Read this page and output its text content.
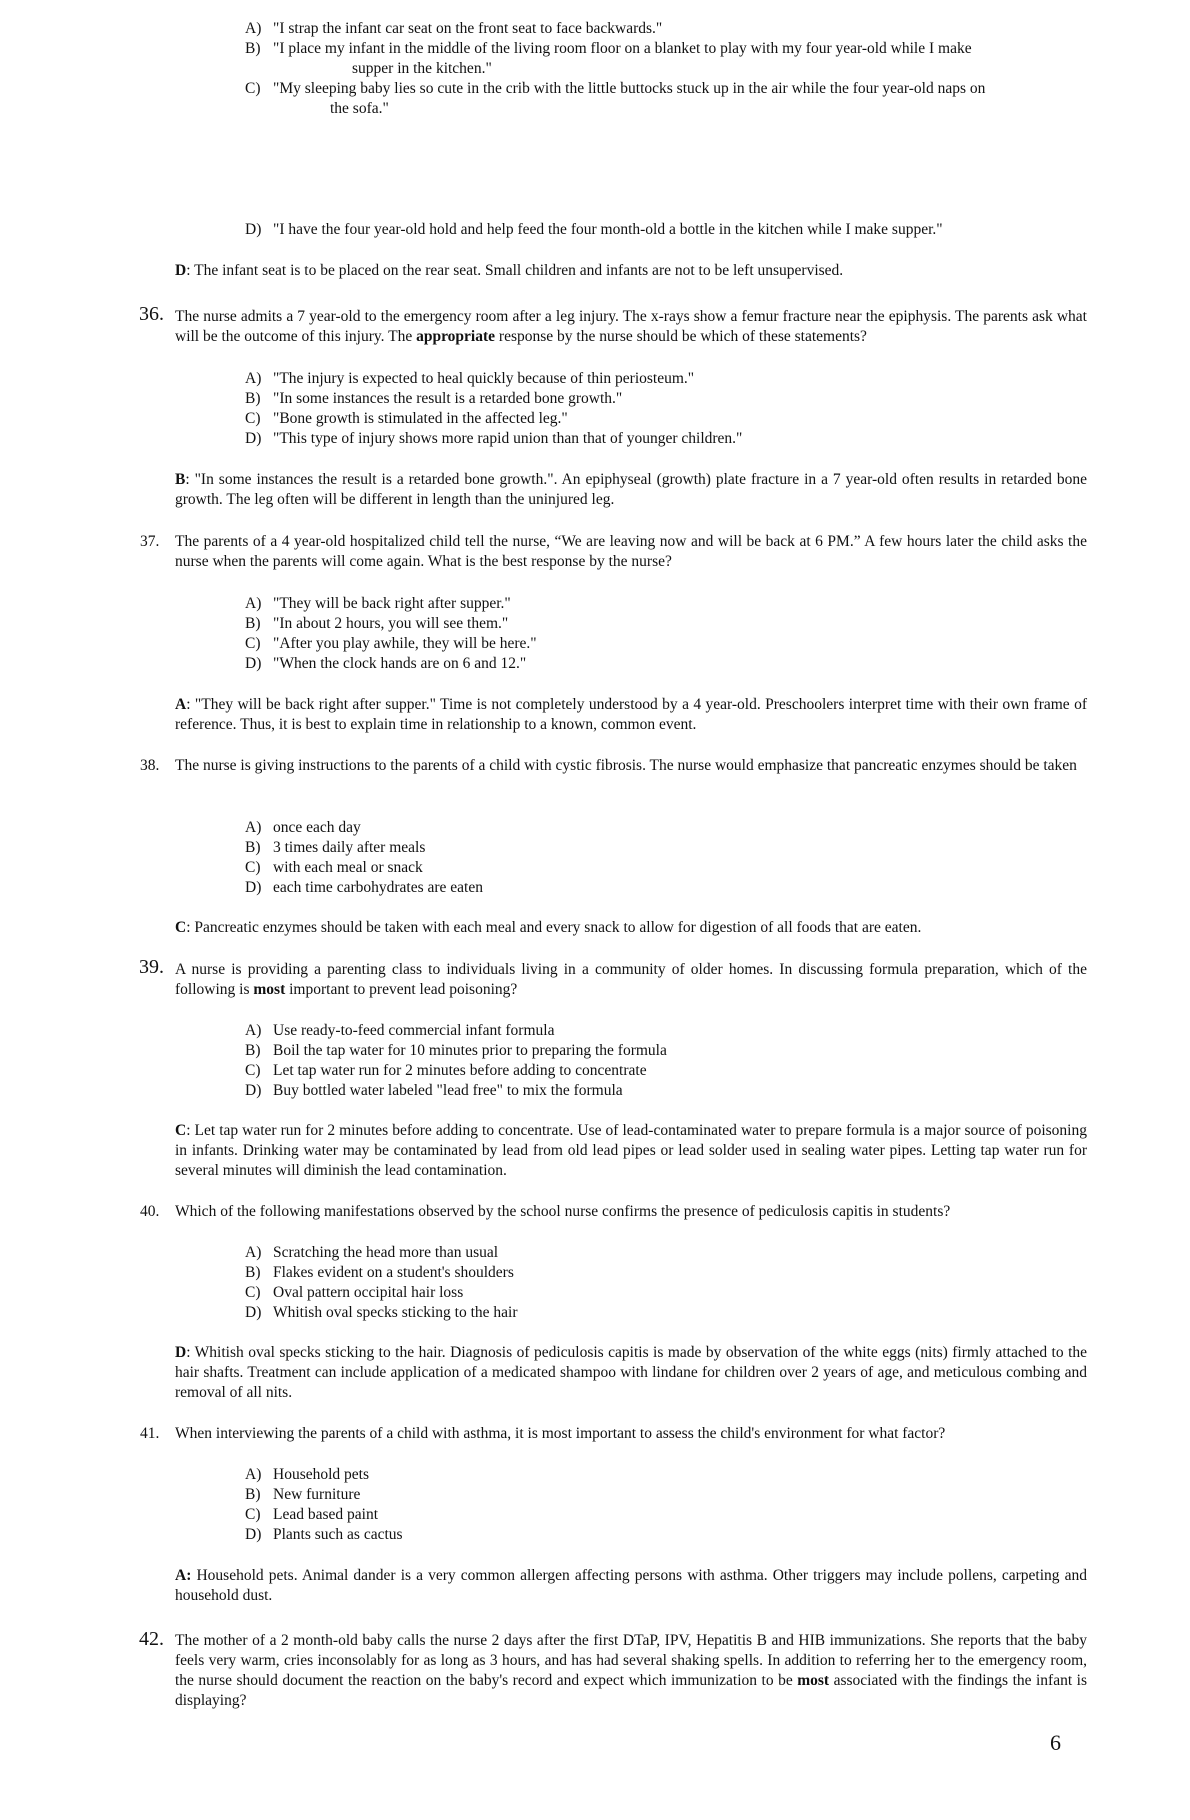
A) "I strap the infant car seat on the front seat to face backwards."
B) "I place my infant in the middle of the living room floor on a blanket to play with my four year-old while I make
supper in the kitchen."
C) "My sleeping baby lies so cute in the crib with the little buttocks stuck up in the air while the four year-old naps on
the sofa."
D) "I have the four year-old hold and help feed the four month-old a bottle in the kitchen while I make supper."
D: The infant seat is to be placed on the rear seat. Small children and infants are not to be left unsupervised.
36. The nurse admits a 7 year-old to the emergency room after a leg injury. The x-rays show a femur fracture near the epiphysis. The parents ask what will be the outcome of this injury. The appropriate response by the nurse should be which of these statements?
A) "The injury is expected to heal quickly because of thin periosteum."
B) "In some instances the result is a retarded bone growth."
C) "Bone growth is stimulated in the affected leg."
D) "This type of injury shows more rapid union than that of younger children."
B: "In some instances the result is a retarded bone growth.". An epiphyseal (growth) plate fracture in a 7 year-old often results in retarded bone growth. The leg often will be different in length than the uninjured leg.
37. The parents of a 4 year-old hospitalized child tell the nurse, “We are leaving now and will be back at 6 PM.” A few hours later the child asks the nurse when the parents will come again. What is the best response by the nurse?
A) "They will be back right after supper."
B) "In about 2 hours, you will see them."
C) "After you play awhile, they will be here."
D) "When the clock hands are on 6 and 12."
A: "They will be back right after supper." Time is not completely understood by a 4 year-old. Preschoolers interpret time with their own frame of reference. Thus, it is best to explain time in relationship to a known, common event.
38. The nurse is giving instructions to the parents of a child with cystic fibrosis. The nurse would emphasize that pancreatic enzymes should be taken
A) once each day
B) 3 times daily after meals
C) with each meal or snack
D) each time carbohydrates are eaten
C: Pancreatic enzymes should be taken with each meal and every snack to allow for digestion of all foods that are eaten.
39. A nurse is providing a parenting class to individuals living in a community of older homes. In discussing formula preparation, which of the following is most important to prevent lead poisoning?
A) Use ready-to-feed commercial infant formula
B) Boil the tap water for 10 minutes prior to preparing the formula
C) Let tap water run for 2 minutes before adding to concentrate
D) Buy bottled water labeled "lead free" to mix the formula
C: Let tap water run for 2 minutes before adding to concentrate. Use of lead-contaminated water to prepare formula is a major source of poisoning in infants. Drinking water may be contaminated by lead from old lead pipes or lead solder used in sealing water pipes. Letting tap water run for several minutes will diminish the lead contamination.
40. Which of the following manifestations observed by the school nurse confirms the presence of pediculosis capitis in students?
A) Scratching the head more than usual
B) Flakes evident on a student's shoulders
C) Oval pattern occipital hair loss
D) Whitish oval specks sticking to the hair
D: Whitish oval specks sticking to the hair. Diagnosis of pediculosis capitis is made by observation of the white eggs (nits) firmly attached to the hair shafts. Treatment can include application of a medicated shampoo with lindane for children over 2 years of age, and meticulous combing and removal of all nits.
41. When interviewing the parents of a child with asthma, it is most important to assess the child's environment for what factor?
A) Household pets
B) New furniture
C) Lead based paint
D) Plants such as cactus
A: Household pets. Animal dander is a very common allergen affecting persons with asthma. Other triggers may include pollens, carpeting and household dust.
42. The mother of a 2 month-old baby calls the nurse 2 days after the first DTaP, IPV, Hepatitis B and HIB immunizations. She reports that the baby feels very warm, cries inconsolably for as long as 3 hours, and has had several shaking spells. In addition to referring her to the emergency room, the nurse should document the reaction on the baby's record and expect which immunization to be most associated with the findings the infant is displaying?
6
